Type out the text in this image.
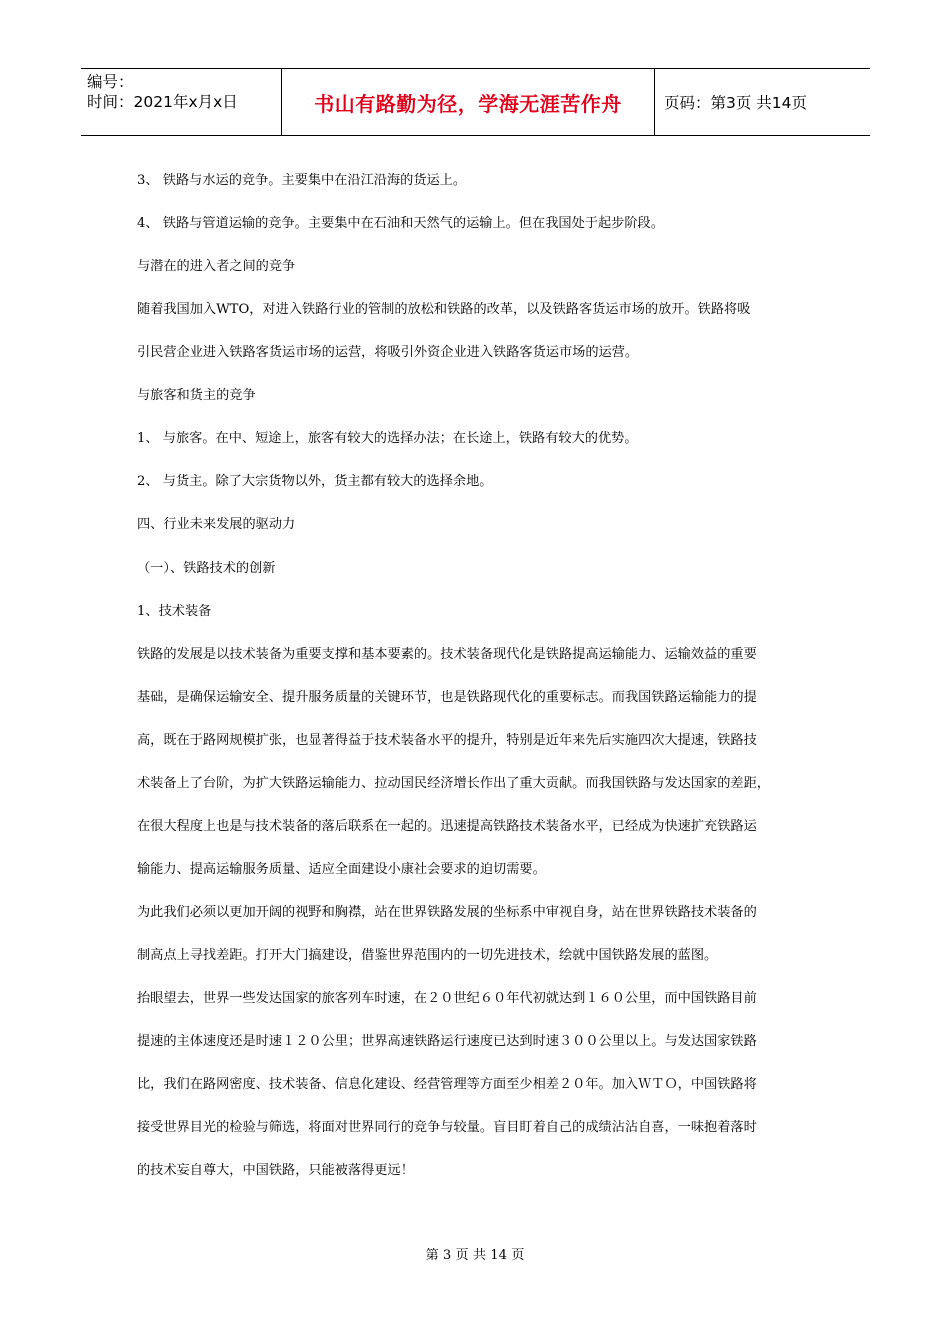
编号：
时间：2021年x月x日	书山有路勤为径，学海无涯苦作舟	页码：第3页 共14页

3、 铁路与水运的竞争。主要集中在沿江沿海的货运上。

4、 铁路与管道运输的竞争。主要集中在石油和天然气的运输上。但在我国处于起步阶段。

与潜在的进入者之间的竞争

随着我国加入WTO，对进入铁路行业的管制的放松和铁路的改革，以及铁路客货运市场的放开。铁路将吸

引民营企业进入铁路客货运市场的运营，将吸引外资企业进入铁路客货运市场的运营。

与旅客和货主的竞争

1、 与旅客。在中、短途上，旅客有较大的选择办法；在长途上，铁路有较大的优势。

2、 与货主。除了大宗货物以外，货主都有较大的选择余地。

四、行业未来发展的驱动力

（一）、铁路技术的创新

1、技术装备

铁路的发展是以技术装备为重要支撑和基本要素的。技术装备现代化是铁路提高运输能力、运输效益的重要

基础，是确保运输安全、提升服务质量的关键环节，也是铁路现代化的重要标志。而我国铁路运输能力的提

高，既在于路网规模扩张，也显著得益于技术装备水平的提升，特别是近年来先后实施四次大提速，铁路技

术装备上了台阶，为扩大铁路运输能力、拉动国民经济增长作出了重大贡献。而我国铁路与发达国家的差距，

在很大程度上也是与技术装备的落后联系在一起的。迅速提高铁路技术装备水平，已经成为快速扩充铁路运

输能力、提高运输服务质量、适应全面建设小康社会要求的迫切需要。

为此我们必须以更加开阔的视野和胸襟，站在世界铁路发展的坐标系中审视自身，站在世界铁路技术装备的

制高点上寻找差距。打开大门搞建设，借鉴世界范围内的一切先进技术，绘就中国铁路发展的蓝图。

抬眼望去，世界一些发达国家的旅客列车时速，在２０世纪６０年代初就达到１６０公里，而中国铁路目前

提速的主体速度还是时速１２０公里；世界高速铁路运行速度已达到时速３００公里以上。与发达国家铁路

比，我们在路网密度、技术装备、信息化建设、经营管理等方面至少相差２０年。加入ＷＴＯ，中国铁路将

接受世界目光的检验与筛选，将面对世界同行的竞争与较量。盲目盯着自己的成绩沾沾自喜，一味抱着落时

的技术妄自尊大，中国铁路，只能被落得更远！

第 3 页 共 14 页
